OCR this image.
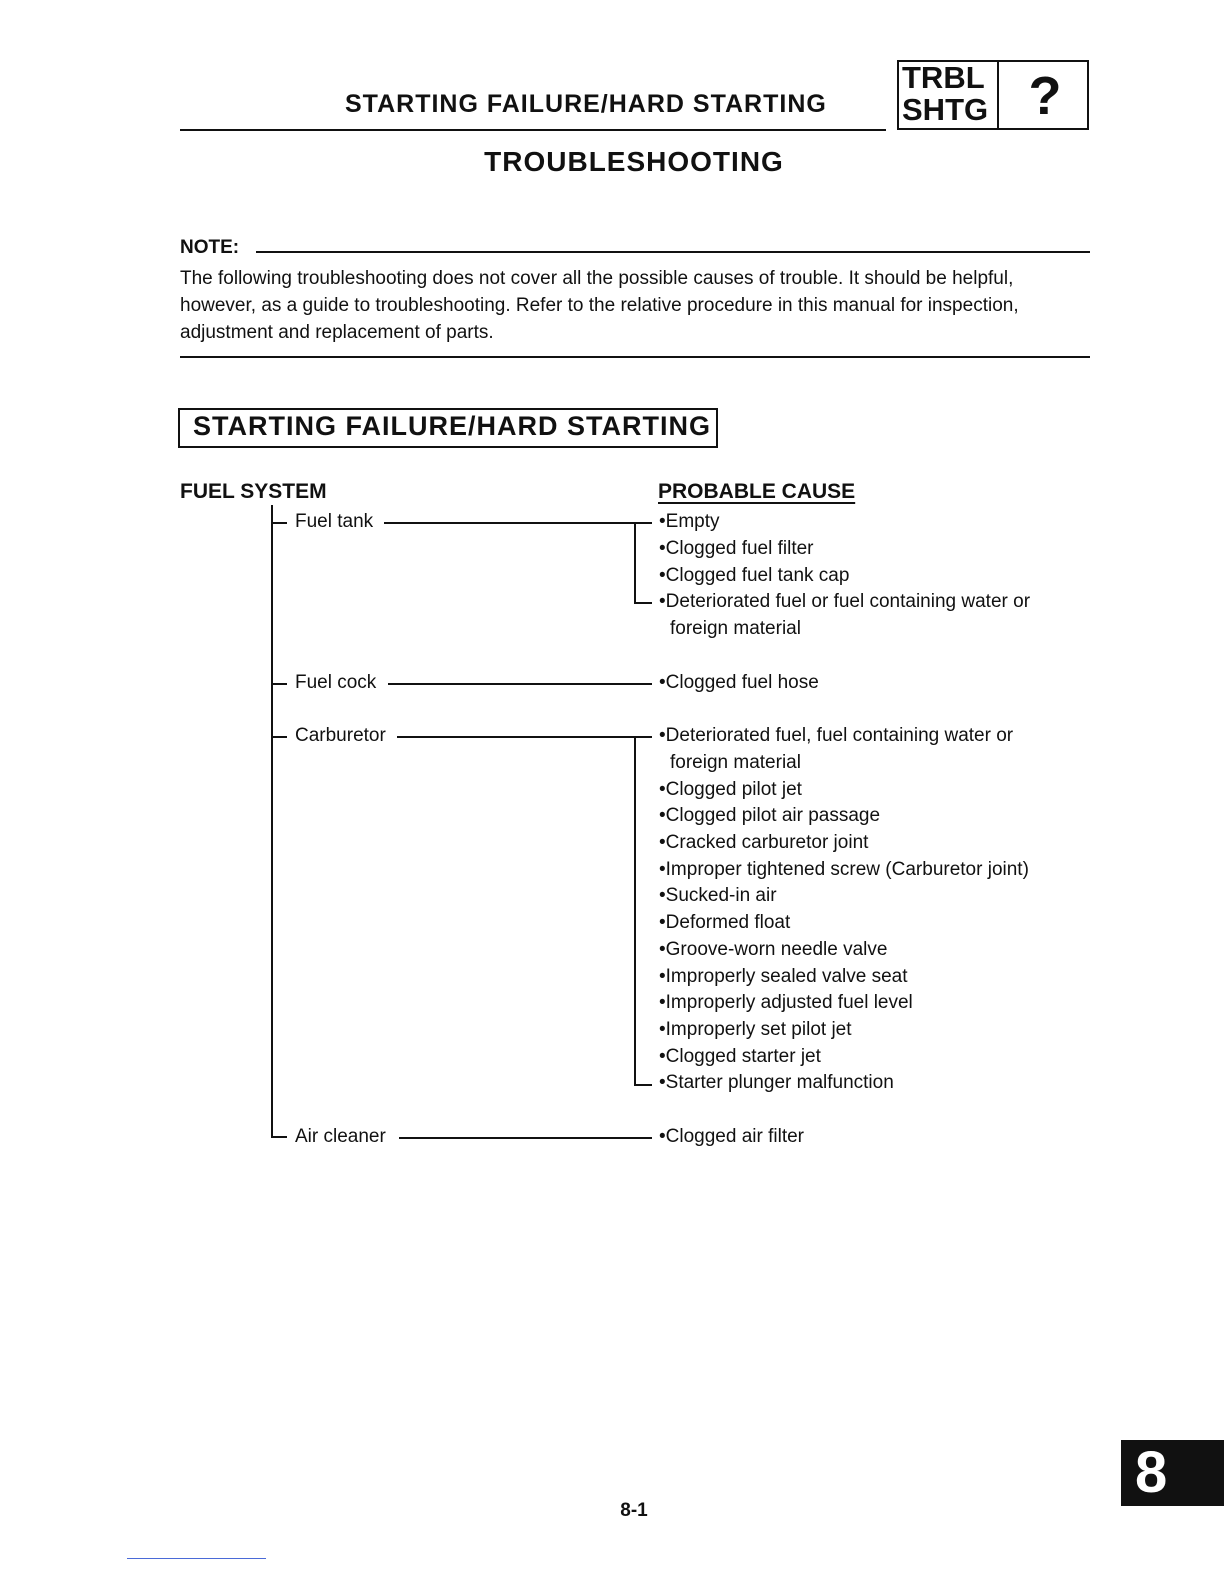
STARTING FAILURE/HARD STARTING
TRBL
SHTG ?
TROUBLESHOOTING
NOTE:
The following troubleshooting does not cover all the possible causes of trouble. It should be helpful, however, as a guide to troubleshooting. Refer to the relative procedure in this manual for inspection, adjustment and replacement of parts.
STARTING FAILURE/HARD STARTING
FUEL SYSTEM	PROBABLE CAUSE
Fuel tank	•Empty
•Clogged fuel filter
•Clogged fuel tank cap
•Deteriorated fuel or fuel containing water or
foreign material
Fuel cock	•Clogged fuel hose
Carburetor	•Deteriorated fuel, fuel containing water or
foreign material
•Clogged pilot jet
•Clogged pilot air passage
•Cracked carburetor joint
•Improper tightened screw (Carburetor joint)
•Sucked-in air
•Deformed float
•Groove-worn needle valve
•Improperly sealed valve seat
•Improperly adjusted fuel level
•Improperly set pilot jet
•Clogged starter jet
•Starter plunger malfunction
Air cleaner	•Clogged air filter
8-1
8
